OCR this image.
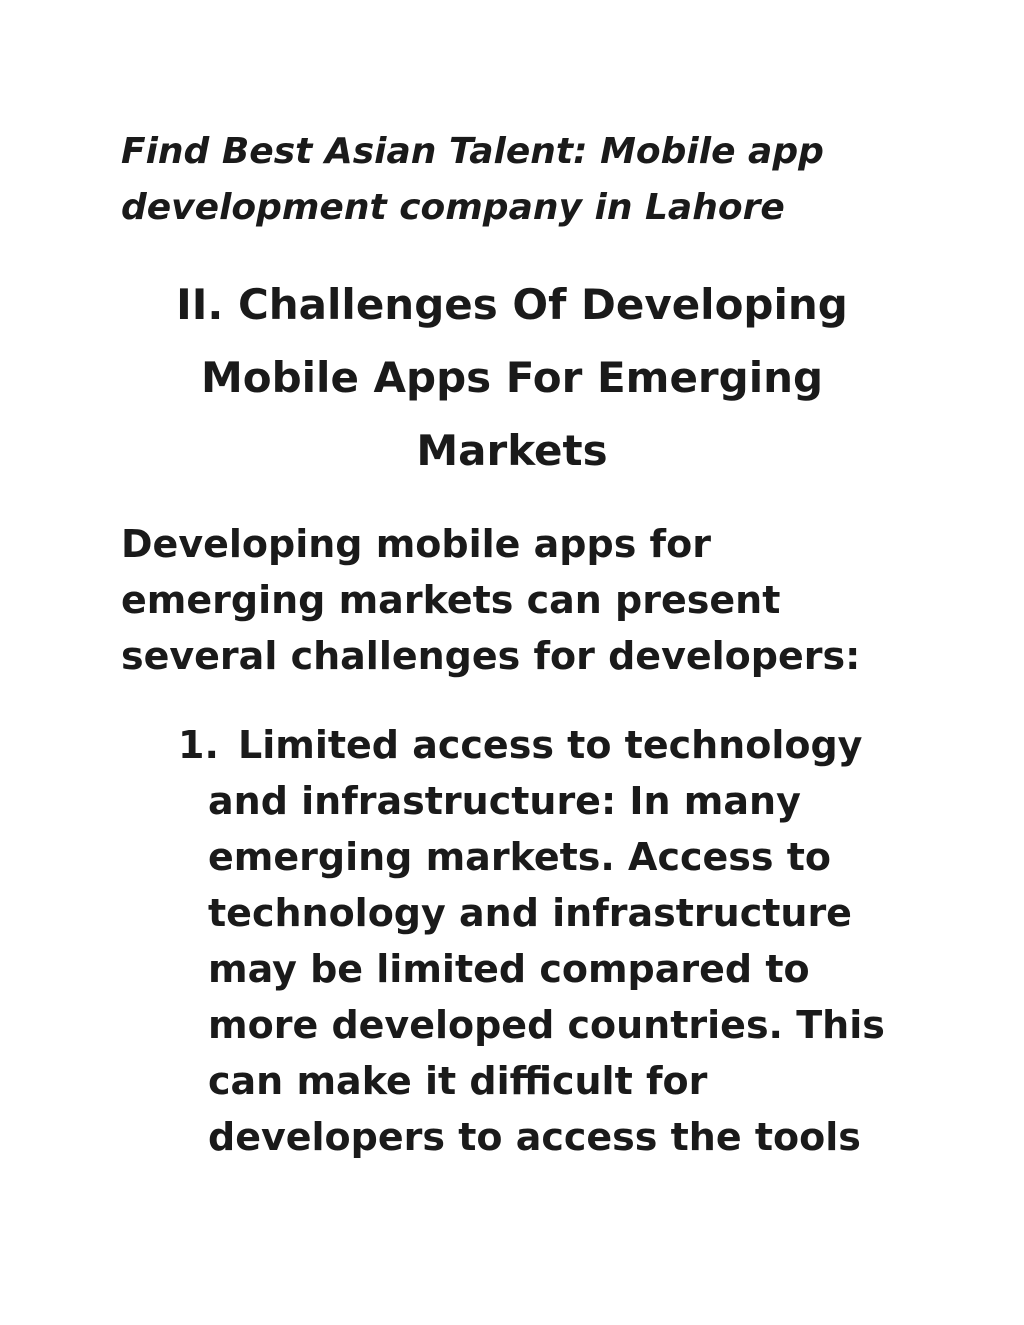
Find Best Asian Talent: Mobile app development company in Lahore
II. Challenges Of Developing Mobile Apps For Emerging Markets

Developing mobile apps for emerging markets can present several challenges for developers:

1. Limited access to technology and infrastructure: In many emerging markets. Access to technology and infrastructure may be limited compared to more developed countries. This can make it difficult for developers to access the tools
